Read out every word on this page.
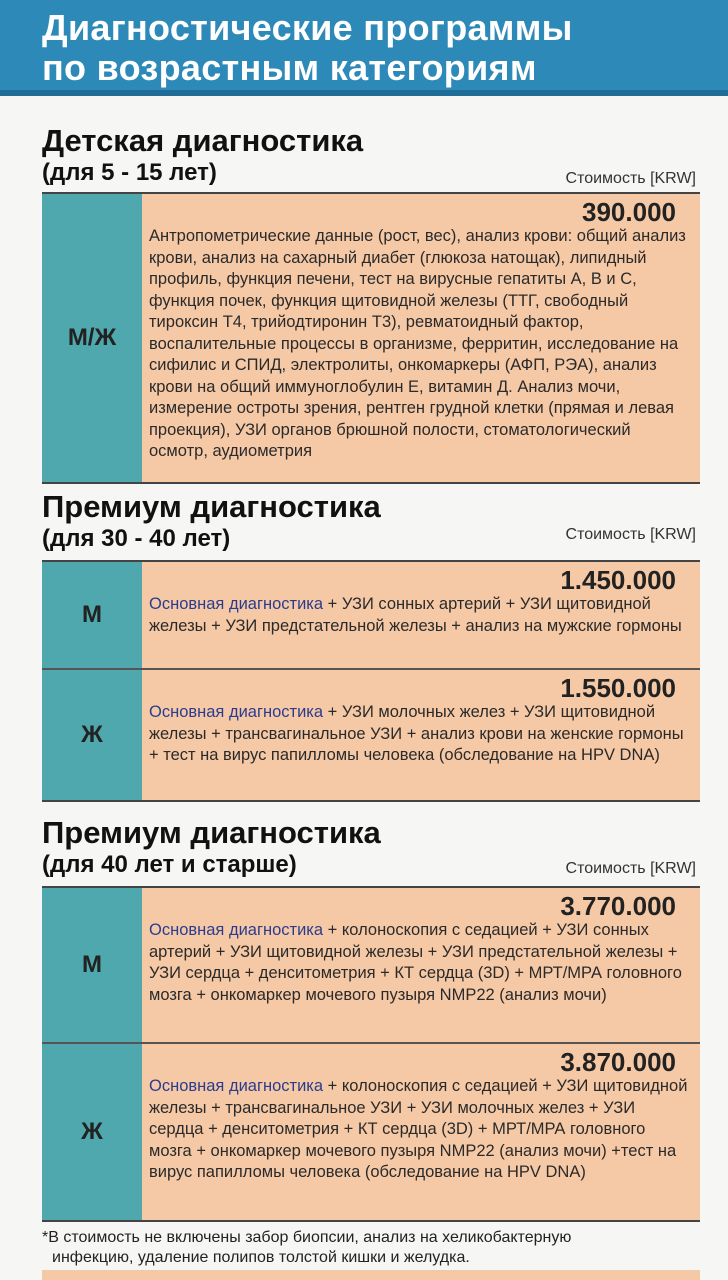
Диагностические программы
по возрастным категориям
Детская диагностика
(для 5 - 15 лет)	Стоимость [KRW]
М/Ж
390.000
Антропометрические данные (рост, вес), анализ крови: общий анализ крови, анализ на сахарный диабет (глюкоза натощак), липидный профиль, функция печени, тест на вирусные гепатиты А, В и С, функция почек, функция щитовидной железы (ТТГ, свободный тироксин Т4, трийодтиронин Т3), ревматоидный фактор, воспалительные процессы в организме, ферритин, исследование на сифилис и СПИД, электролиты, онкомаркеры (АФП, РЭА), анализ крови на общий иммуноглобулин Е, витамин Д. Анализ мочи, измерение остроты зрения, рентген грудной клетки (прямая и левая проекция), УЗИ органов брюшной полости, стоматологический осмотр, аудиометрия
Премиум диагностика
(для 30 - 40 лет)	Стоимость [KRW]
М
1.450.000
Основная диагностика + УЗИ сонных артерий + УЗИ щитовидной железы + УЗИ предстательной железы + анализ на мужские гормоны
Ж
1.550.000
Основная диагностика + УЗИ молочных желез + УЗИ щитовидной железы + трансвагинальное УЗИ + анализ крови на женские гормоны + тест на вирус папилломы человека (обследование на HPV DNA)
Премиум диагностика
(для 40 лет и старше)	Стоимость [KRW]
М
3.770.000
Основная диагностика + колоноскопия с седацией + УЗИ сонных артерий + УЗИ щитовидной железы + УЗИ предстательной железы + УЗИ сердца + денситометрия + КТ сердца (3D) + МРТ/МРА головного мозга + онкомаркер мочевого пузыря NMP22 (анализ мочи)
Ж
3.870.000
Основная диагностика + колоноскопия с седацией + УЗИ щитовидной железы + трансвагинальное УЗИ + УЗИ молочных желез + УЗИ сердца + денситометрия + КТ сердца (3D) + МРТ/МРА головного мозга + онкомаркер мочевого пузыря NMP22 (анализ мочи) +тест на вирус папилломы человека (обследование на HPV DNA)
*В стоимость не включены забор биопсии, анализ на хеликобактерную
инфекцию, удаление полипов толстой кишки и желудка.
